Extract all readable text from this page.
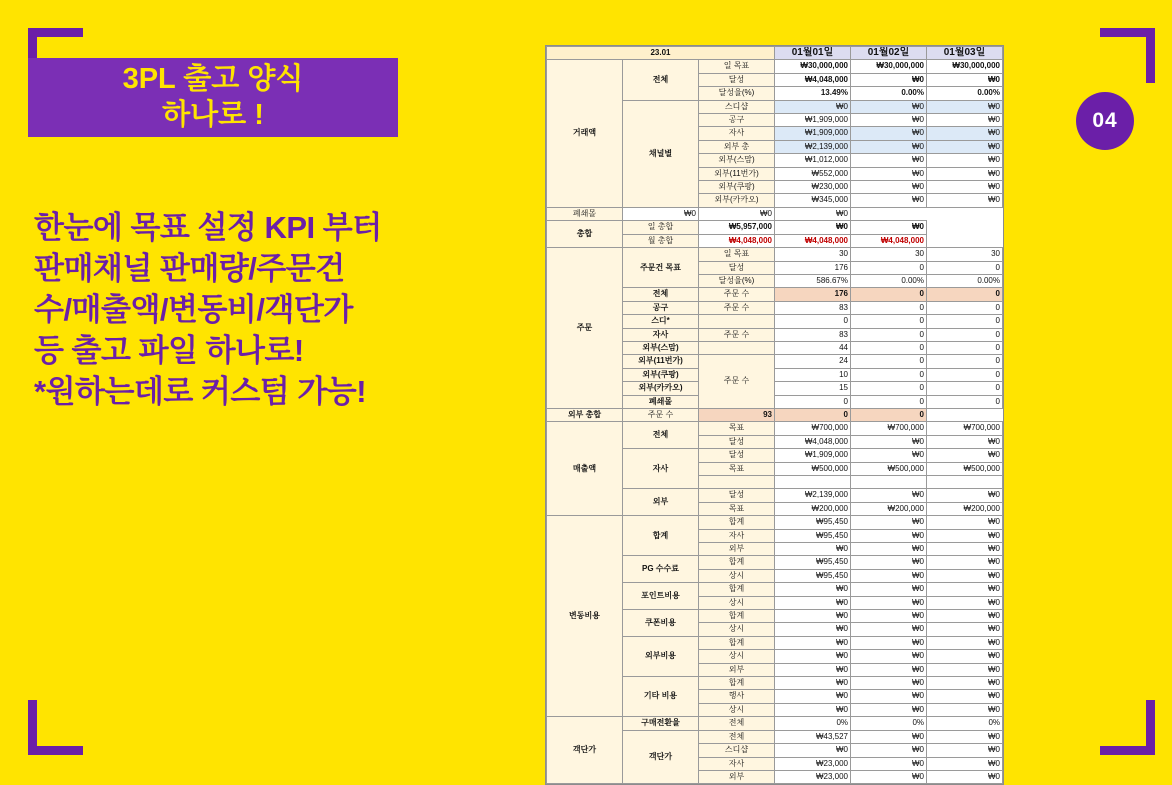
04
3PL 출고 양식
하나로 !
한눈에 목표 설정 KPI 부터
판매채널 판매량/주문건
수/매출액/변동비/객단가
등 출고 파일 하나로!
*원하는데로 커스텀 가능!
23.01			01월01일	01월02일	01월03일
거래액	전체	일 목표	₩30,000,000	₩30,000,000	₩30,000,000
		달성	₩4,048,000	₩0	₩0
		달성율(%)	13.49%	0.00%	0.00%
	채널별	스디샵	₩0	₩0	₩0
		공구	₩1,909,000	₩0	₩0
		자사	₩1,909,000	₩0	₩0
		외부 총	₩2,139,000	₩0	₩0
		외부(스맘)	₩1,012,000	₩0	₩0
		외부(11번가)	₩552,000	₩0	₩0
		외부(쿠팡)	₩230,000	₩0	₩0
		외부(카카오)	₩345,000	₩0	₩0
폐쇄몰	₩0	₩0	₩0		
총합	일 총합	₩5,957,000	₩0	₩0	
	월 총합	₩4,048,000	₩4,048,000	₩4,048,000	
주문	주문건 목표	일 목표	30	30	30
		달성	176	0	0
		달성율(%)	586.67%	0.00%	0.00%
	전체	주문 수	176	0	0
	공구	주문 수	83	0	0
	스디*		0	0	0
	자사	주문 수	83	0	0
	외부(스맘)		44	0	0
	외부(11번가)	주문 수	24	0	0
	외부(쿠팡)		10	0	0
	외부(카카오)		15	0	0
	폐쇄몰		0	0	0
외부 총합	주문 수	93	0	0	
매출액	전체	목표	₩700,000	₩700,000	₩700,000
		달성	₩4,048,000	₩0	₩0
	자사	달성	₩1,909,000	₩0	₩0
		목표	₩500,000	₩500,000	₩500,000

	외부	달성	₩2,139,000	₩0	₩0
		목표	₩200,000	₩200,000	₩200,000
변동비용	합계	합계	₩95,450	₩0	₩0
		자사	₩95,450	₩0	₩0
		외부	₩0	₩0	₩0
	PG 수수료	합계	₩95,450	₩0	₩0
		상시	₩95,450	₩0	₩0
	포인트비용	합계	₩0	₩0	₩0
		상시	₩0	₩0	₩0
	쿠폰비용	합계	₩0	₩0	₩0
		상시	₩0	₩0	₩0
	외부비용	합계	₩0	₩0	₩0
		상시	₩0	₩0	₩0
		외부	₩0	₩0	₩0
	기타 비용	합계	₩0	₩0	₩0
		행사	₩0	₩0	₩0
		상시	₩0	₩0	₩0
객단가	구매전환율	전체	0%	0%	0%
	객단가	전체	₩43,527	₩0	₩0
		스디샵	₩0	₩0	₩0
		자사	₩23,000	₩0	₩0
		외부	₩23,000	₩0	₩0
